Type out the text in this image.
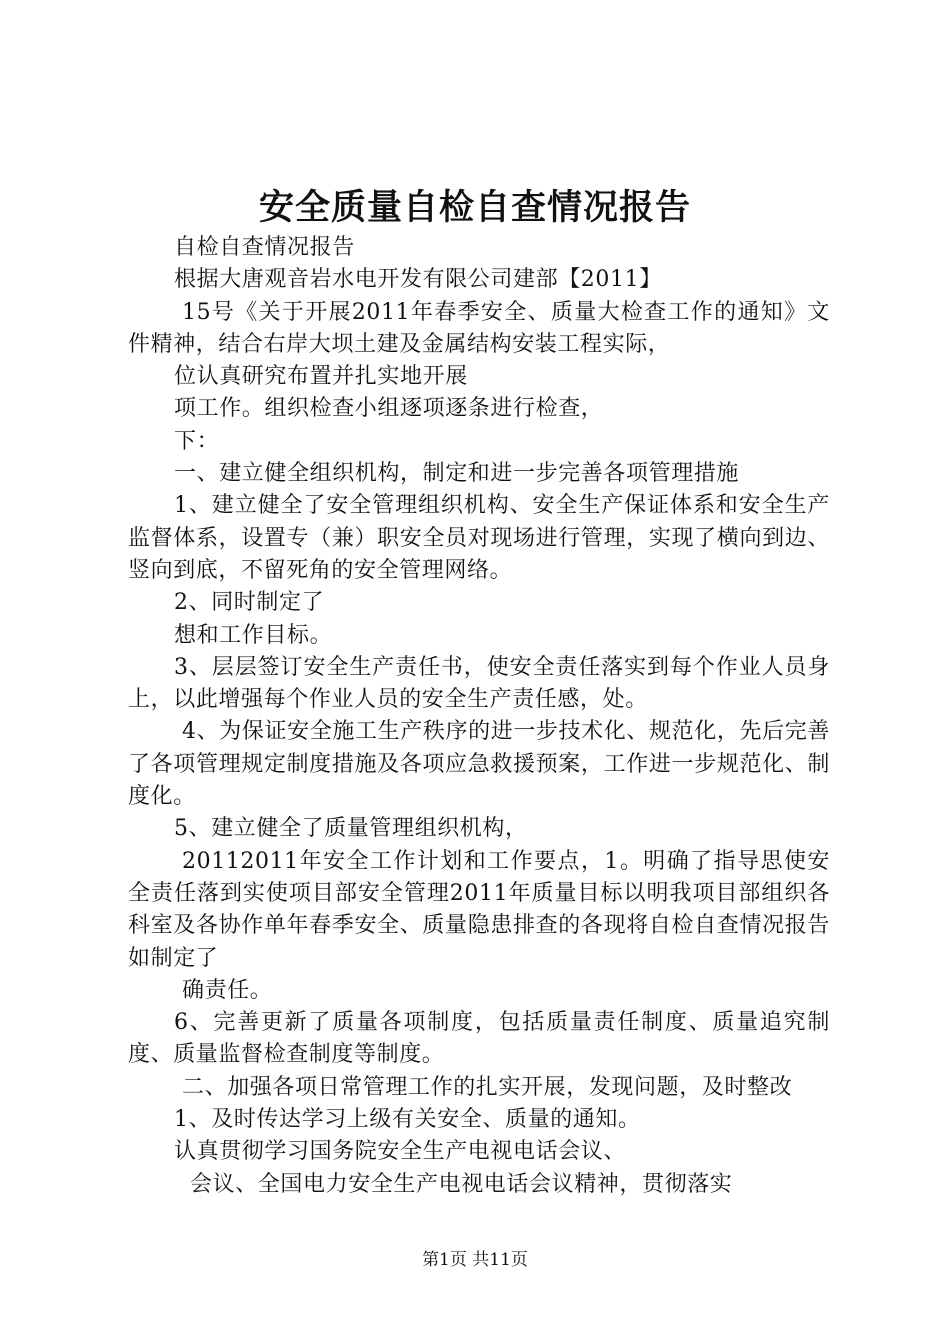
安全质量自检自查情况报告

自检自查情况报告

根据大唐观音岩水电开发有限公司建部【2011】

15号《关于开展2011年春季安全、质量大检查工作的通知》文件精神，结合右岸大坝土建及金属结构安装工程实际，

位认真研究布置并扎实地开展

项工作。组织检查小组逐项逐条进行检查，

下：

一、建立健全组织机构，制定和进一步完善各项管理措施

1、建立健全了安全管理组织机构、安全生产保证体系和安全生产监督体系，设置专（兼）职安全员对现场进行管理，实现了横向到边、竖向到底，不留死角的安全管理网络。

2、同时制定了

想和工作目标。

3、层层签订安全生产责任书，使安全责任落实到每个作业人员身上，以此增强每个作业人员的安全生产责任感，处。

4、为保证安全施工生产秩序的进一步技术化、规范化，先后完善了各项管理规定制度措施及各项应急救援预案，工作进一步规范化、制度化。

5、建立健全了质量管理组织机构，

20112011年安全工作计划和工作要点，1。明确了指导思使安全责任落到实使项目部安全管理2011年质量目标以明我项目部组织各科室及各协作单年春季安全、质量隐患排查的各现将自检自查情况报告如制定了

确责任。

6、完善更新了质量各项制度，包括质量责任制度、质量追究制度、质量监督检查制度等制度。

二、加强各项日常管理工作的扎实开展，发现问题，及时整改

1、及时传达学习上级有关安全、质量的通知。

认真贯彻学习国务院安全生产电视电话会议、

会议、全国电力安全生产电视电话会议精神，贯彻落实

第1页 共11页
